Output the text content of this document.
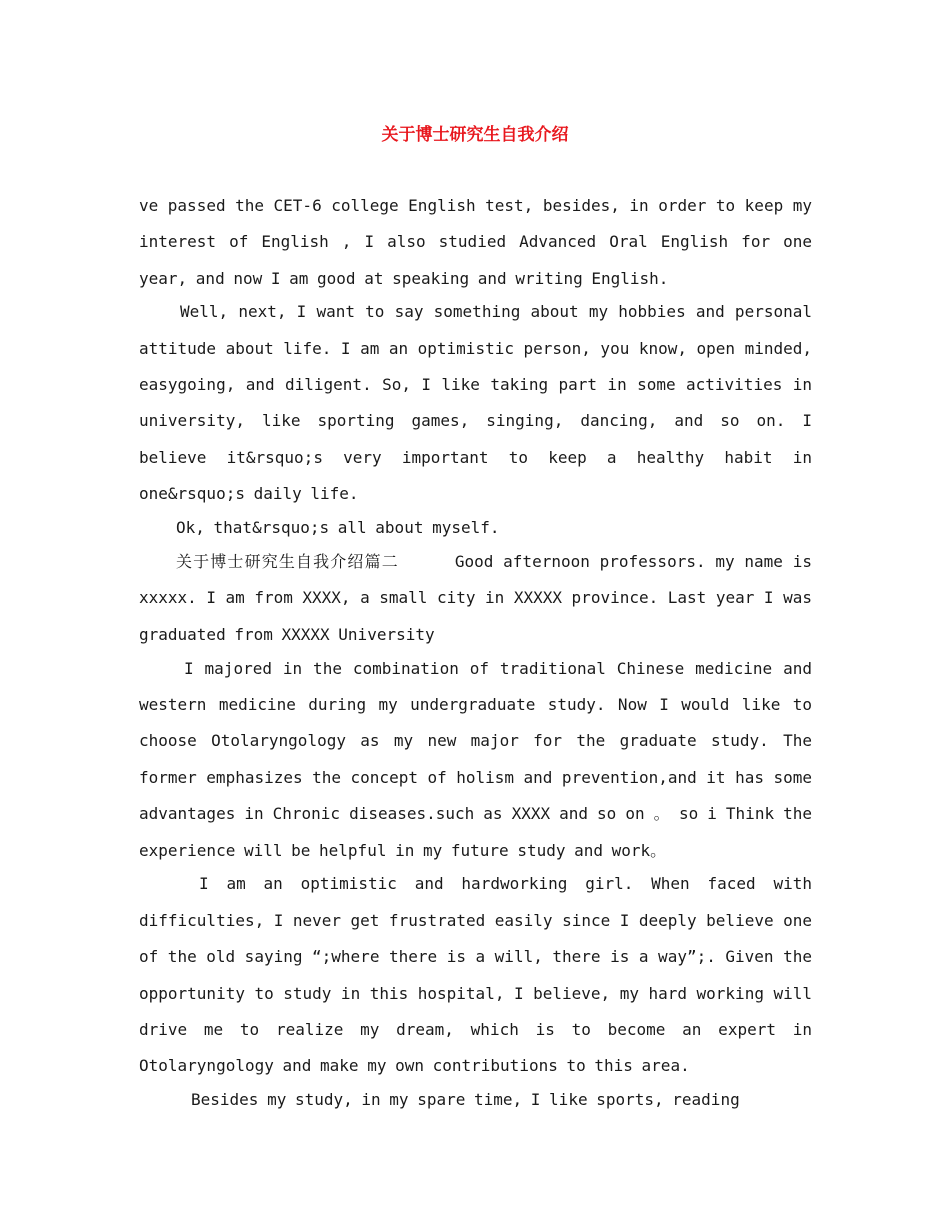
关于博士研究生自我介绍

ve passed the CET-6 college English test, besides, in order to keep my interest of English , I also studied Advanced Oral English for one year, and now I am good at speaking and writing English.

Well, next, I want to say something about my hobbies and personal attitude about life. I am an optimistic person, you know, open minded, easygoing, and diligent. So, I like taking part in some activities in university, like sporting games, singing, dancing, and so on. I believe it&rsquo;s very important to keep a healthy habit in one&rsquo;s daily life.

Ok, that&rsquo;s all about myself.

关于博士研究生自我介绍篇二	Good afternoon professors. my name is xxxxx. I am from XXXX, a small city in XXXXX province. Last year I was graduated from XXXXX University

I majored in the combination of traditional Chinese medicine and western medicine during my undergraduate study. Now I would like to choose Otolaryngology as my new major for the graduate study. The former emphasizes the concept of holism and prevention,and it has some advantages in Chronic diseases.such as XXXX and so on 。 so i Think the experience will be helpful in my future study and work。

I am an optimistic and hardworking girl. When faced with difficulties, I never get frustrated easily since I deeply believe one of the old saying “;where there is a will, there is a way”;. Given the opportunity to study in this hospital, I believe, my hard working will drive me to realize my dream, which is to become an expert in Otolaryngology and make my own contributions to this area.

Besides my study, in my spare time, I like sports, reading
